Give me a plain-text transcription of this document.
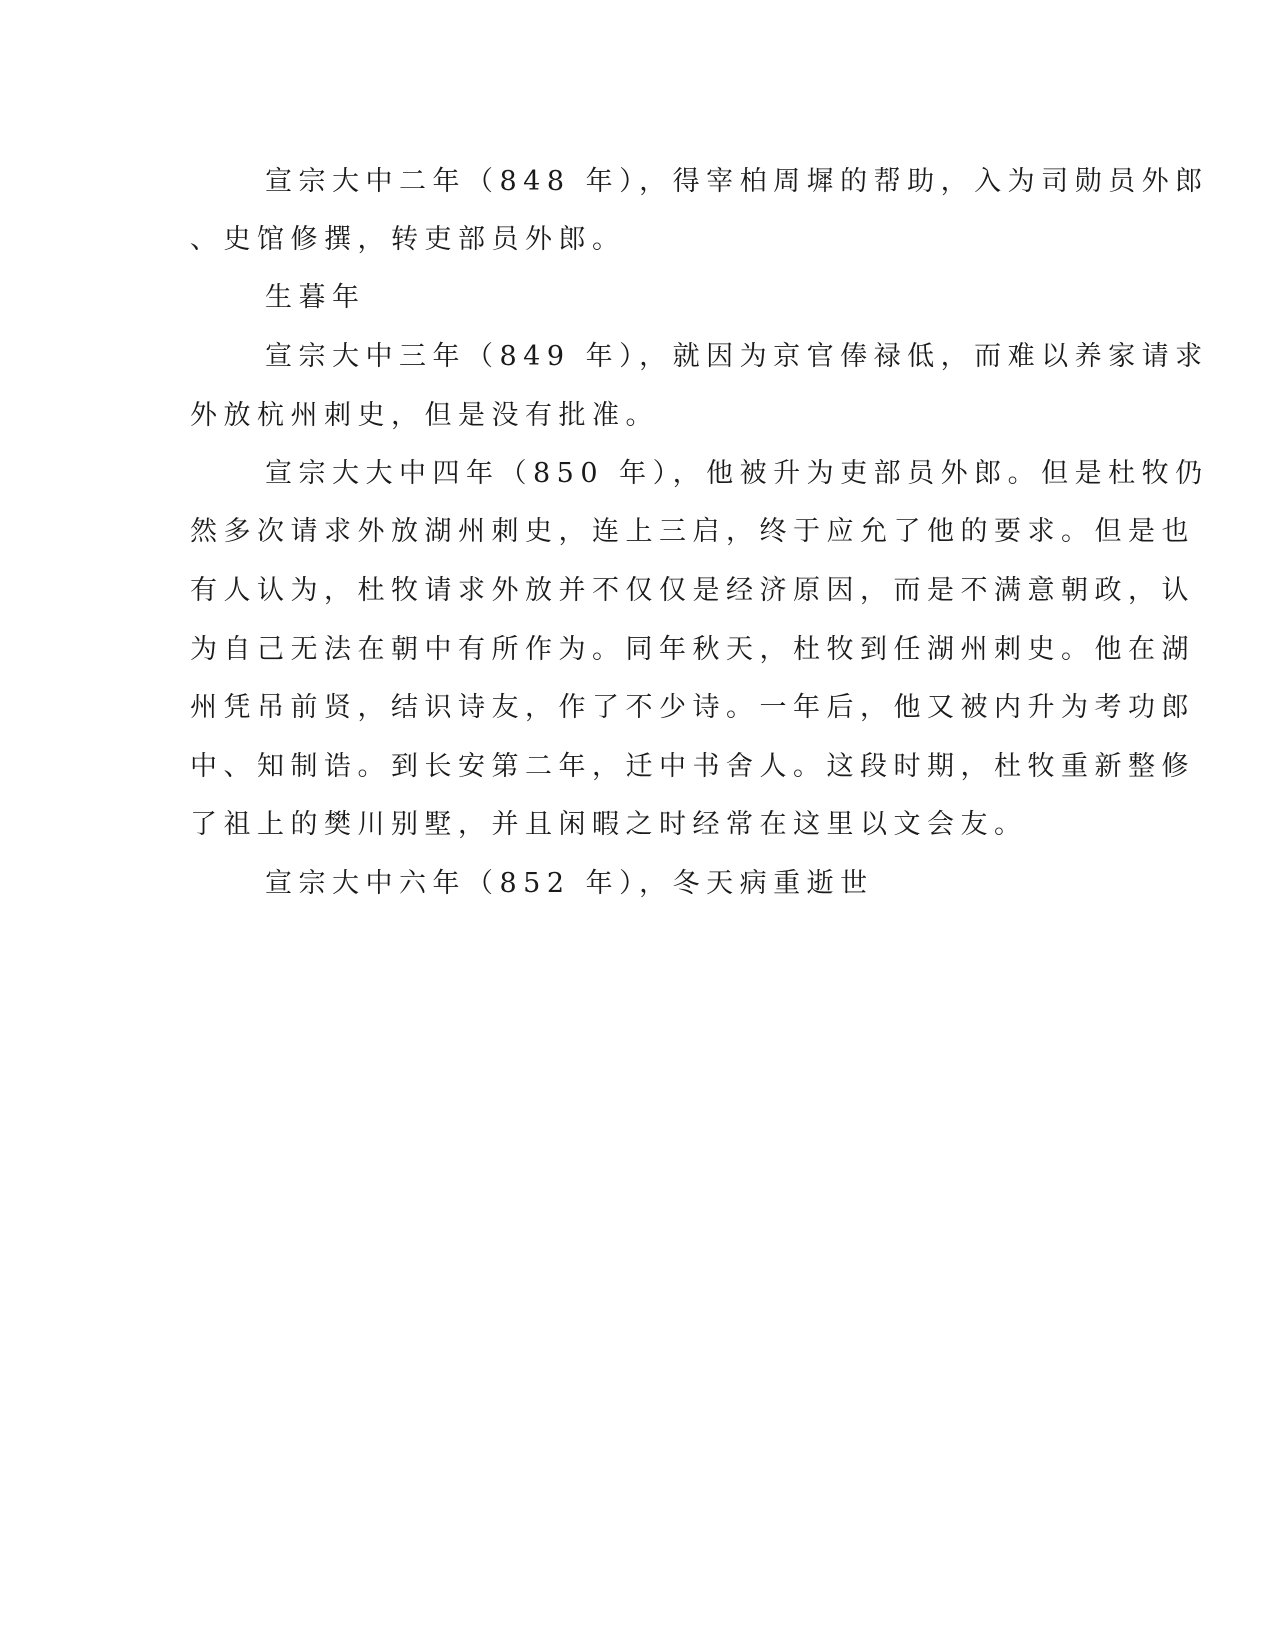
宣宗大中二年（848 年），得宰柏周墀的帮助，入为司勋员外郎
、史馆修撰，转吏部员外郎。
生暮年
宣宗大中三年（849 年），就因为京官俸禄低，而难以养家请求
外放杭州刺史，但是没有批准。
宣宗大大中四年（850 年），他被升为吏部员外郎。但是杜牧仍
然多次请求外放湖州刺史，连上三启，终于应允了他的要求。但是也
有人认为，杜牧请求外放并不仅仅是经济原因，而是不满意朝政，认
为自己无法在朝中有所作为。同年秋天，杜牧到任湖州刺史。他在湖
州凭吊前贤，结识诗友，作了不少诗。一年后，他又被内升为考功郎
中、知制诰。到长安第二年，迁中书舍人。这段时期，杜牧重新整修
了祖上的樊川别墅，并且闲暇之时经常在这里以文会友。
宣宗大中六年（852 年），冬天病重逝世
